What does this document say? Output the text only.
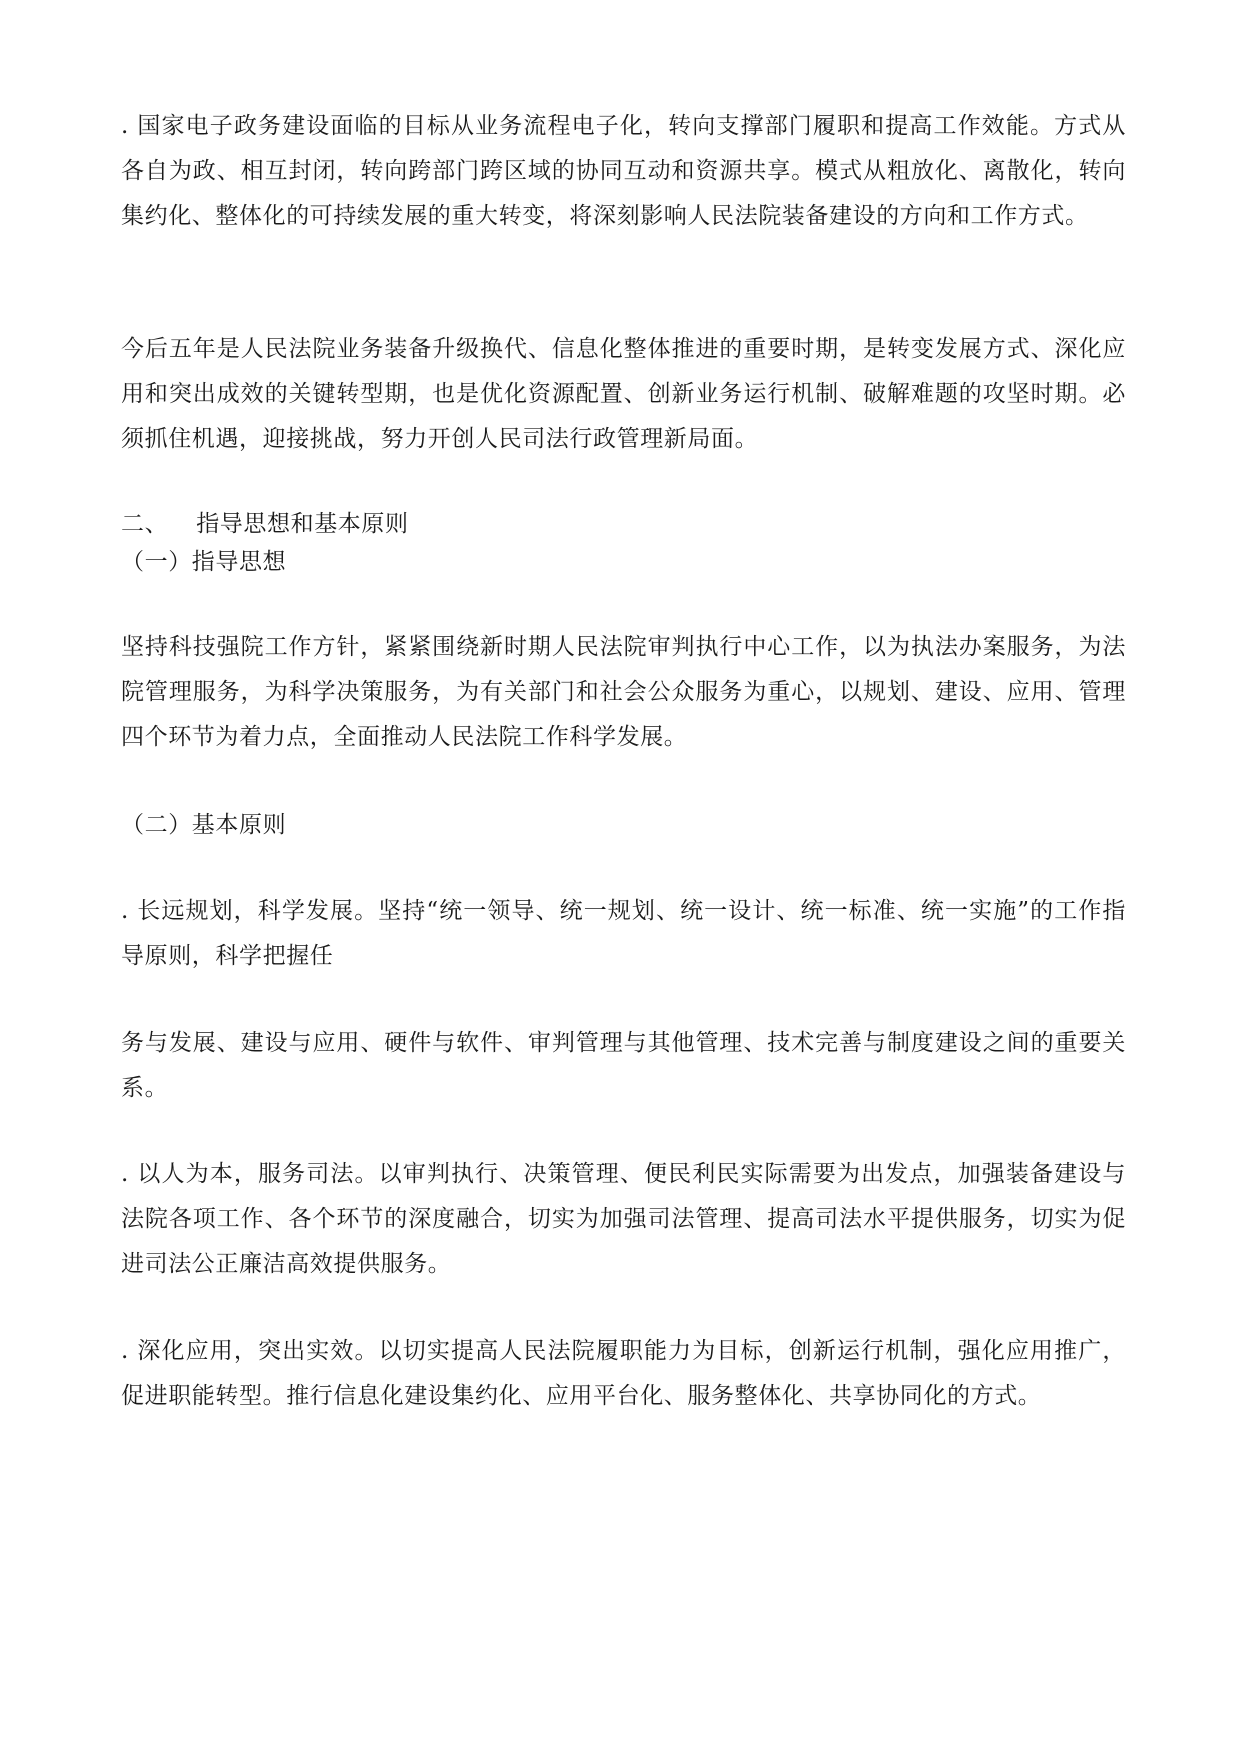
. 国家电子政务建设面临的目标从业务流程电子化，转向支撑部门履职和提高工作效能。方式从各自为政、相互封闭，转向跨部门跨区域的协同互动和资源共享。模式从粗放化、离散化，转向集约化、整体化的可持续发展的重大转变，将深刻影响人民法院装备建设的方向和工作方式。

今后五年是人民法院业务装备升级换代、信息化整体推进的重要时期，是转变发展方式、深化应用和突出成效的关键转型期，也是优化资源配置、创新业务运行机制、破解难题的攻坚时期。必须抓住机遇，迎接挑战，努力开创人民司法行政管理新局面。

二、 指导思想和基本原则
（一）指导思想

坚持科技强院工作方针，紧紧围绕新时期人民法院审判执行中心工作，以为执法办案服务，为法院管理服务，为科学决策服务，为有关部门和社会公众服务为重心，以规划、建设、应用、管理四个环节为着力点，全面推动人民法院工作科学发展。

（二）基本原则

. 长远规划，科学发展。坚持“统一领导、统一规划、统一设计、统一标准、统一实施”的工作指导原则，科学把握任

务与发展、建设与应用、硬件与软件、审判管理与其他管理、技术完善与制度建设之间的重要关系。

. 以人为本，服务司法。以审判执行、决策管理、便民利民实际需要为出发点，加强装备建设与法院各项工作、各个环节的深度融合，切实为加强司法管理、提高司法水平提供服务，切实为促进司法公正廉洁高效提供服务。

. 深化应用，突出实效。以切实提高人民法院履职能力为目标，创新运行机制，强化应用推广，促进职能转型。推行信息化建设集约化、应用平台化、服务整体化、共享协同化的方式。
